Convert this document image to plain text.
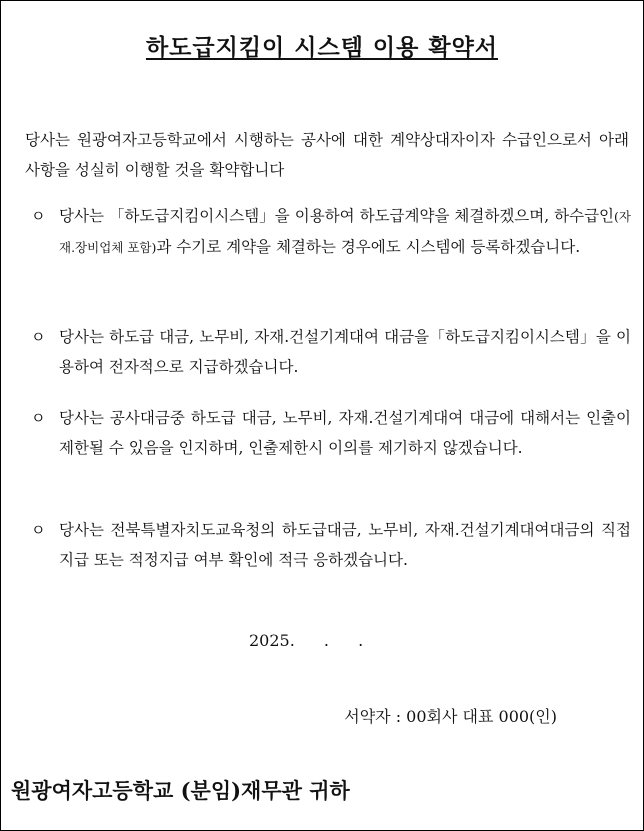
하도급지킴이 시스템 이용 확약서
당사는 원광여자고등학교에서 시행하는 공사에 대한 계약상대자이자 수급인으로서 아래 사항을 성실히 이행할 것을 확약합니다
ㅇ 당사는 「하도급지킴이시스템」을 이용하여 하도급계약을 체결하겠으며, 하수급인(자재.장비업체 포함)과 수기로 계약을 체결하는 경우에도 시스템에 등록하겠습니다.
ㅇ 당사는 하도급 대금, 노무비, 자재.건설기계대여 대금을「하도급지킴이시스템」을 이용하여 전자적으로 지급하겠습니다.
ㅇ 당사는 공사대금중 하도급 대금, 노무비, 자재.건설기계대여 대금에 대해서는 인출이 제한될 수 있음을 인지하며, 인출제한시 이의를 제기하지 않겠습니다.
ㅇ 당사는 전북특별자치도교육청의 하도급대금, 노무비, 자재.건설기계대여대금의 직접지급 또는 적정지급 여부 확인에 적극 응하겠습니다.
2025. . .
서약자 : 00회사 대표 000(인)
원광여자고등학교 (분임)재무관 귀하
